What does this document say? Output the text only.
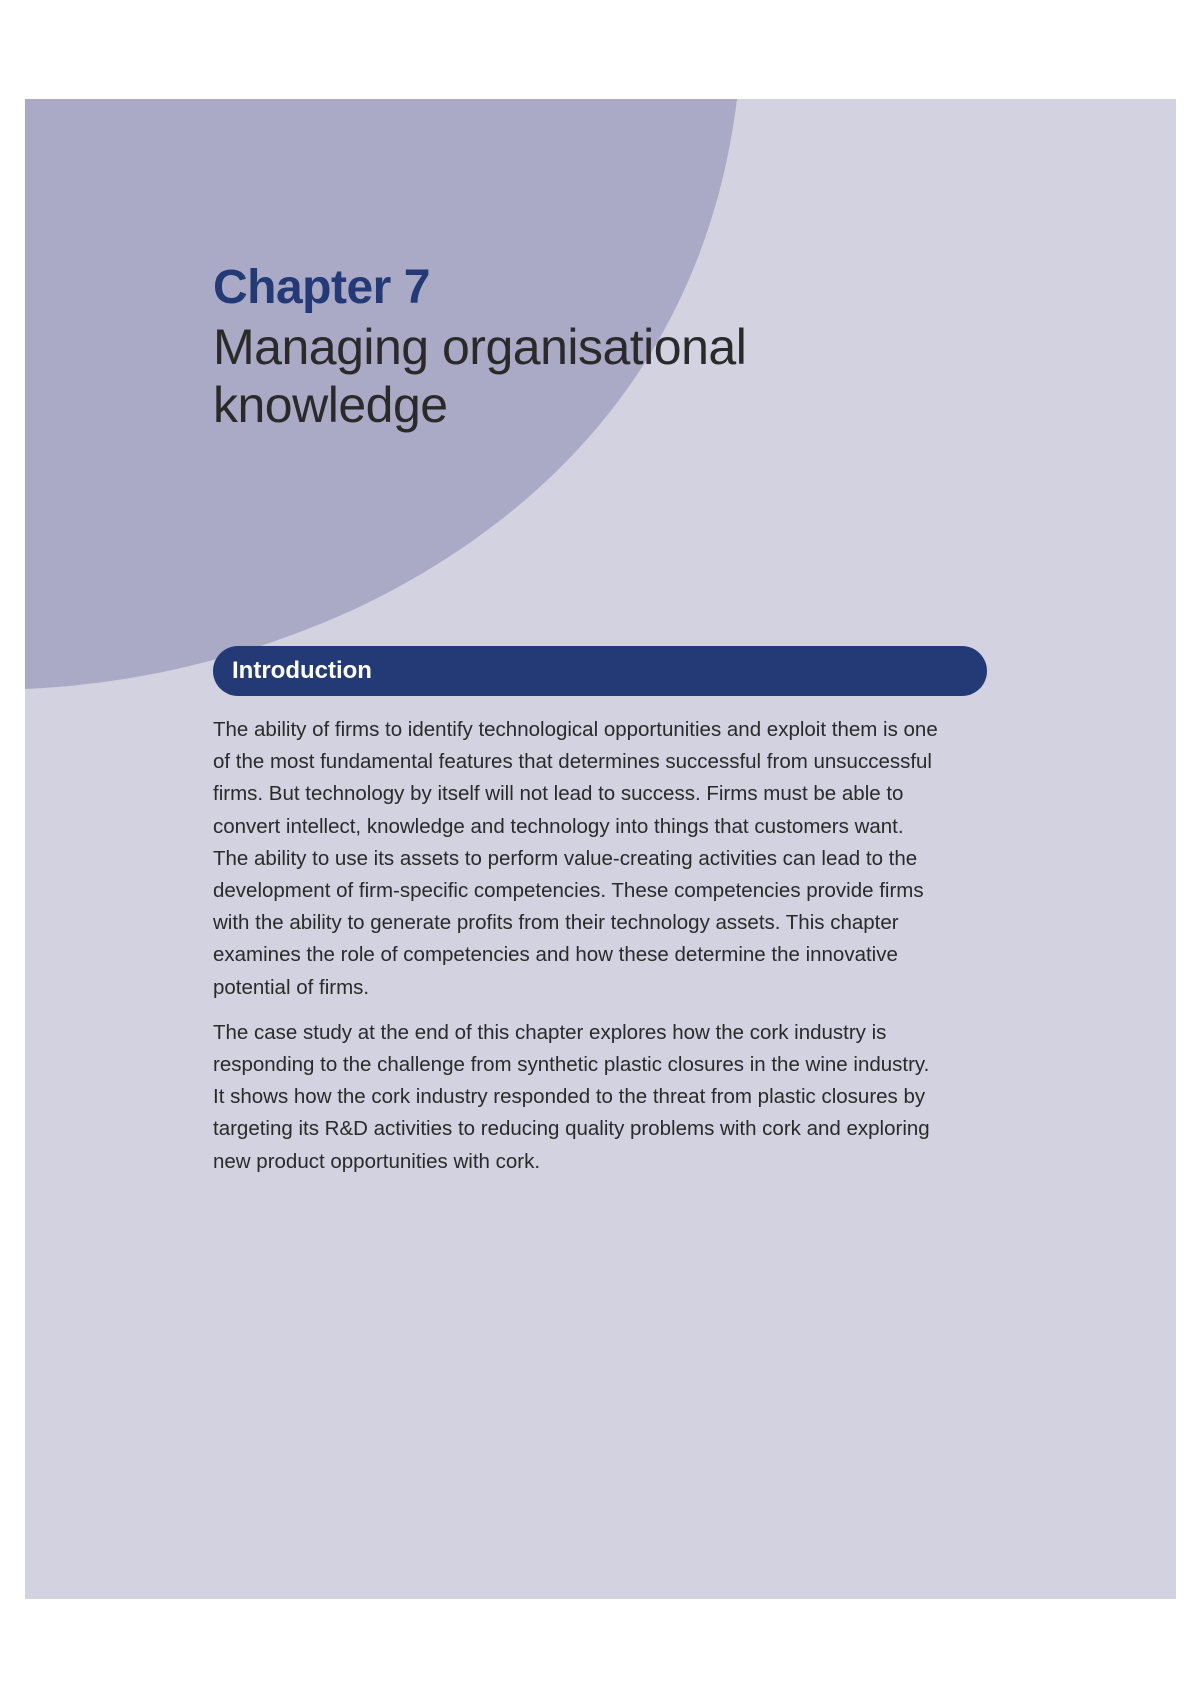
Managing organisational
knowledge
Introduction

The ability of firms to identify technological opportunities and exploit them is one
of the most fundamental features that determines successful from unsuccessful
firms. But technology by itself will not lead to success. Firms must be able to
convert intellect, knowledge and technology into things that customers want.
The ability to use its assets to perform value-creating activities can lead to the
development of firm-specific competencies. These competencies provide firms
with the ability to generate profits from their technology assets. This chapter
examines the role of competencies and how these determine the innovative
potential of firms.

The case study at the end of this chapter explores how the cork industry is
responding to the challenge from synthetic plastic closures in the wine industry.
It shows how the cork industry responded to the threat from plastic closures by
targeting its R&D activities to reducing quality problems with cork and exploring
new product opportunities with cork.

Chapter 7
